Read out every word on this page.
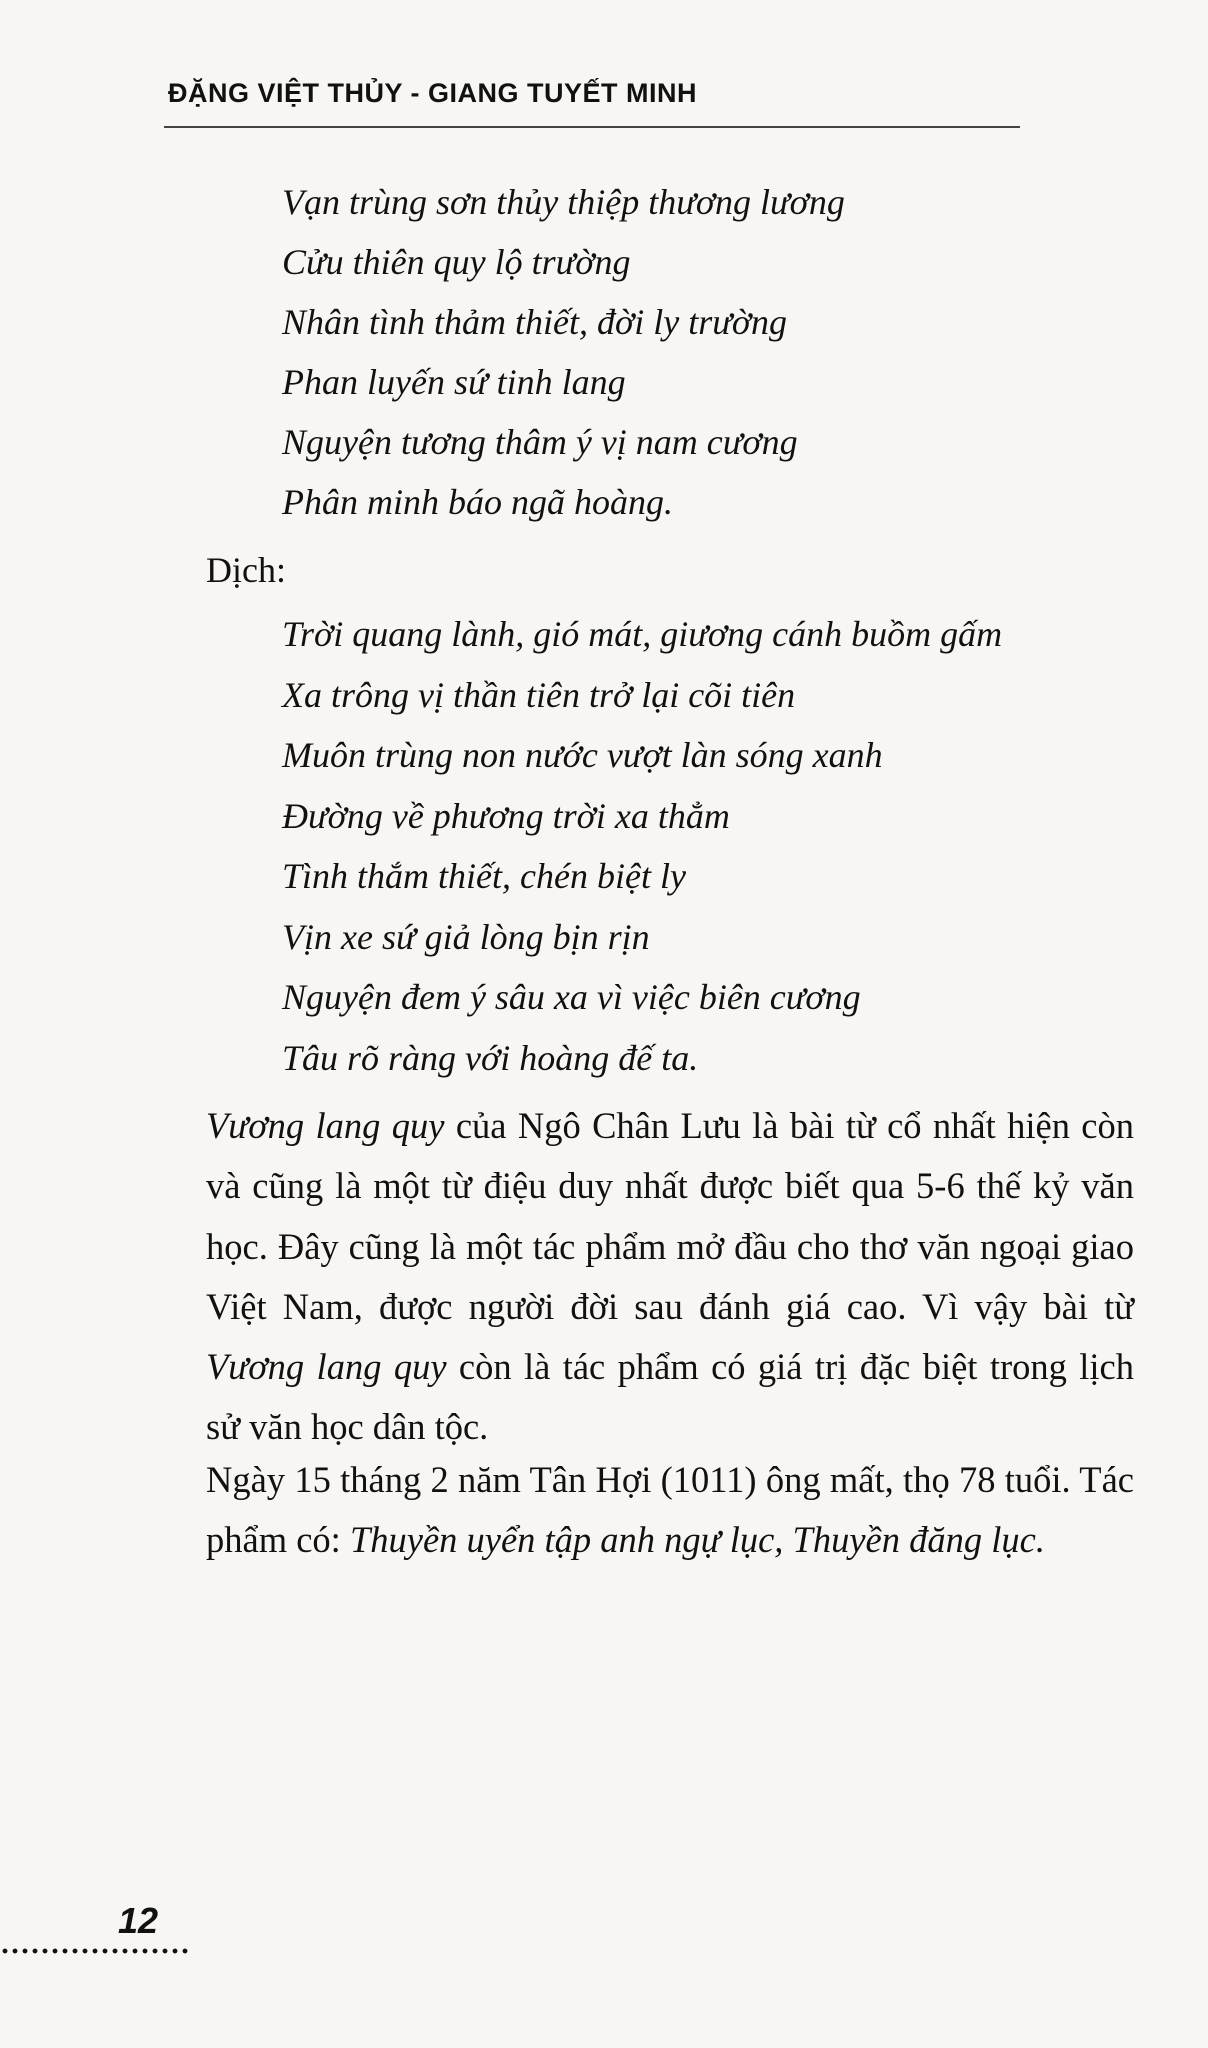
ĐẶNG VIỆT THỦY - GIANG TUYẾT MINH
Vạn trùng sơn thủy thiệp thương lương
Cửu thiên quy lộ trường
Nhân tình thảm thiết, đời ly trường
Phan luyến sứ tinh lang
Nguyện tương thâm ý vị nam cương
Phân minh báo ngã hoàng.
Dịch:
Trời quang lành, gió mát, giương cánh buồm gấm
Xa trông vị thần tiên trở lại cõi tiên
Muôn trùng non nước vượt làn sóng xanh
Đường về phương trời xa thẳm
Tình thắm thiết, chén biệt ly
Vịn xe sứ giả lòng bịn rịn
Nguyện đem ý sâu xa vì việc biên cương
Tâu rõ ràng với hoàng đế ta.

Vương lang quy của Ngô Chân Lưu là bài từ cổ nhất hiện còn và cũng là một từ điệu duy nhất được biết qua 5-6 thế kỷ văn học. Đây cũng là một tác phẩm mở đầu cho thơ văn ngoại giao Việt Nam, được người đời sau đánh giá cao. Vì vậy bài từ Vương lang quy còn là tác phẩm có giá trị đặc biệt trong lịch sử văn học dân tộc.

Ngày 15 tháng 2 năm Tân Hợi (1011) ông mất, thọ 78 tuổi. Tác phẩm có: Thuyền uyển tập anh ngự lục, Thuyền đăng lục.

12
